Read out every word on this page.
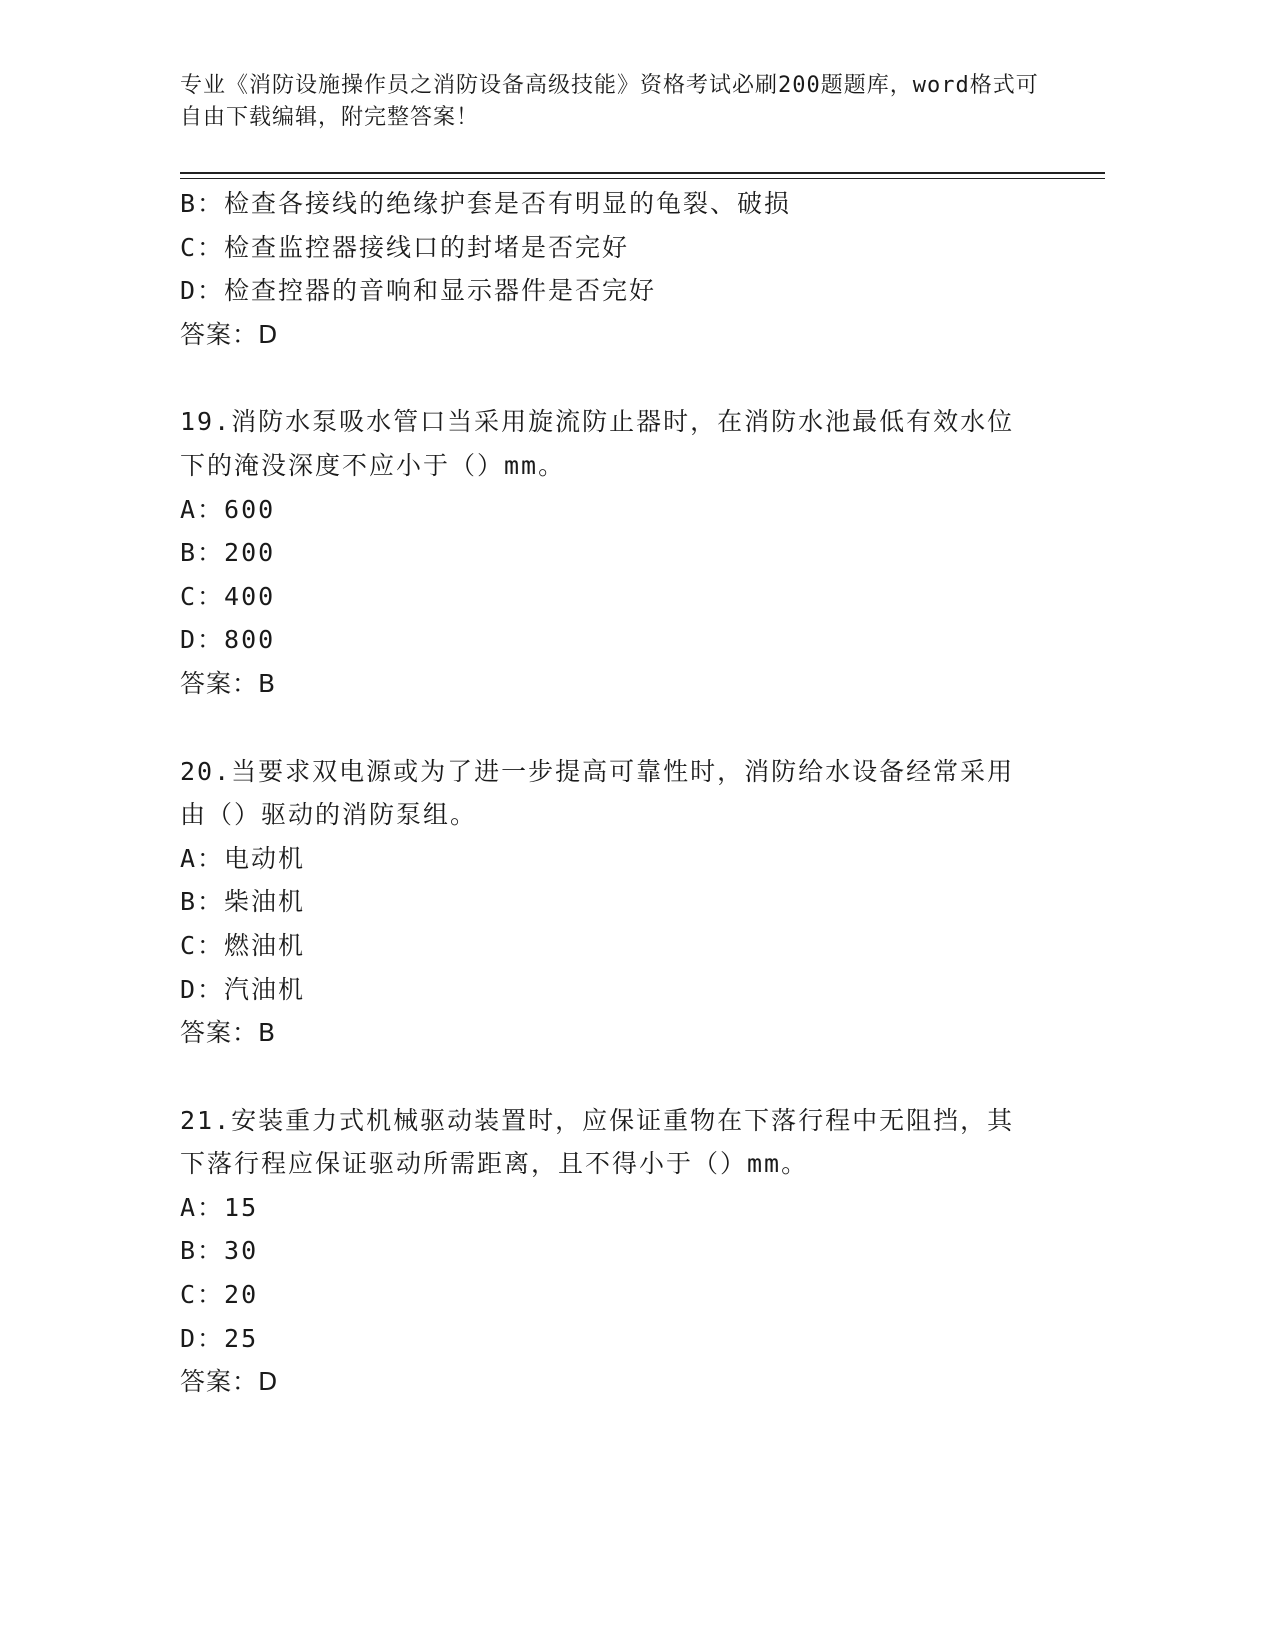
专业《消防设施操作员之消防设备高级技能》资格考试必刷200题题库，word格式可自由下载编辑，附完整答案！
B：检查各接线的绝缘护套是否有明显的龟裂、破损
C：检查监控器接线口的封堵是否完好
D：检查控器的音响和显示器件是否完好
答案：D
19.消防水泵吸水管口当采用旋流防止器时，在消防水池最低有效水位
下的淹没深度不应小于（）mm。
A：600
B：200
C：400
D：800
答案：B
20.当要求双电源或为了进一步提高可靠性时，消防给水设备经常采用
由（）驱动的消防泵组。
A：电动机
B：柴油机
C：燃油机
D：汽油机
答案：B
21.安装重力式机械驱动装置时，应保证重物在下落行程中无阻挡，其
下落行程应保证驱动所需距离，且不得小于（）mm。
A：15
B：30
C：20
D：25
答案：D
